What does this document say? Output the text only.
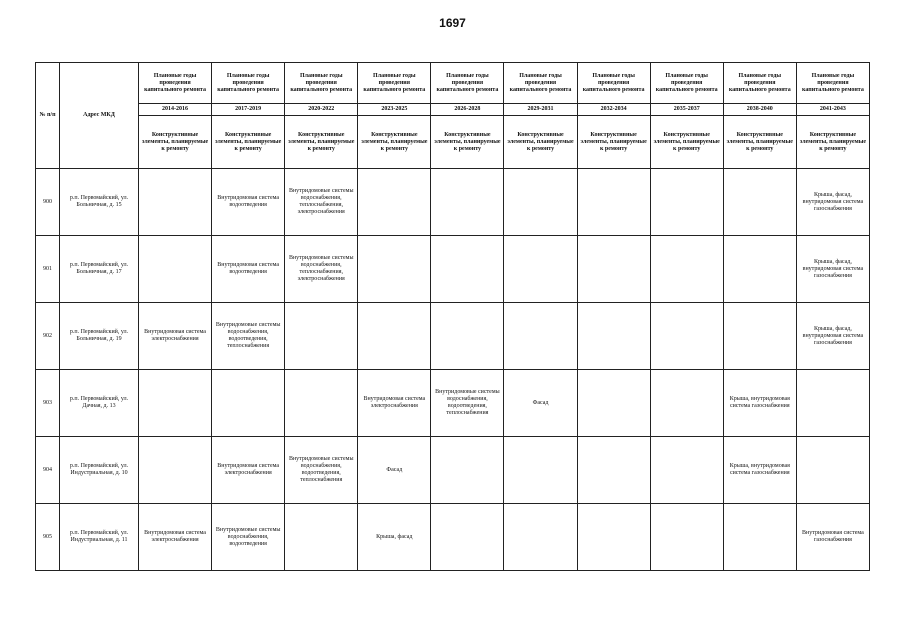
1697
№ п/п	Адрес МКД	Плановые годы проведения капитального ремонта	Плановые годы проведения капитального ремонта	Плановые годы проведения капитального ремонта	Плановые годы проведения капитального ремонта	Плановые годы проведения капитального ремонта	Плановые годы проведения капитального ремонта	Плановые годы проведения капитального ремонта	Плановые годы проведения капитального ремонта	Плановые годы проведения капитального ремонта	Плановые годы проведения капитального ремонта
		2014-2016	2017-2019	2020-2022	2023-2025	2026-2028	2029-2031	2032-2034	2035-2037	2038-2040	2041-2043
		Конструктивные элементы, планируемые к ремонту	Конструктивные элементы, планируемые к ремонту	Конструктивные элементы, планируемые к ремонту	Конструктивные элементы, планируемые к ремонту	Конструктивные элементы, планируемые к ремонту	Конструктивные элементы, планируемые к ремонту	Конструктивные элементы, планируемые к ремонту	Конструктивные элементы, планируемые к ремонту	Конструктивные элементы, планируемые к ремонту	Конструктивные элементы, планируемые к ремонту
900	р.п. Первомайский, ул. Больничная, д. 15		Внутридомовая система водоотведения	Внутридомовые системы водоснабжения, теплоснабжения, электроснабжения							Крыша, фасад, внутридомовая система газоснабжения
901	р.п. Первомайский, ул. Больничная, д. 17		Внутридомовая система водоотведения	Внутридомовые системы водоснабжения, теплоснабжения, электроснабжения							Крыша, фасад, внутридомовая система газоснабжения
902	р.п. Первомайский, ул. Больничная, д. 19	Внутридомовая система электроснабжения	Внутридомовые системы водоснабжения, водоотведения, теплоснабжения								Крыша, фасад, внутридомовая система газоснабжения
903	р.п. Первомайский, ул. Дачная, д. 13				Внутридомовая система электроснабжения	Внутридомовые системы водоснабжения, водоотведения, теплоснабжения	Фасад			Крыша, внутридомовая система газоснабжения	
904	р.п. Первомайский, ул. Индустриальная, д. 10		Внутридомовая система электроснабжения	Внутридомовые системы водоснабжения, водоотведения, теплоснабжения	Фасад					Крыша, внутридомовая система газоснабжения	
905	р.п. Первомайский, ул. Индустриальная, д. 11	Внутридомовая система электроснабжения	Внутридомовые системы водоснабжения, водоотведения		Крыша, фасад						Внутридомовая система газоснабжения
